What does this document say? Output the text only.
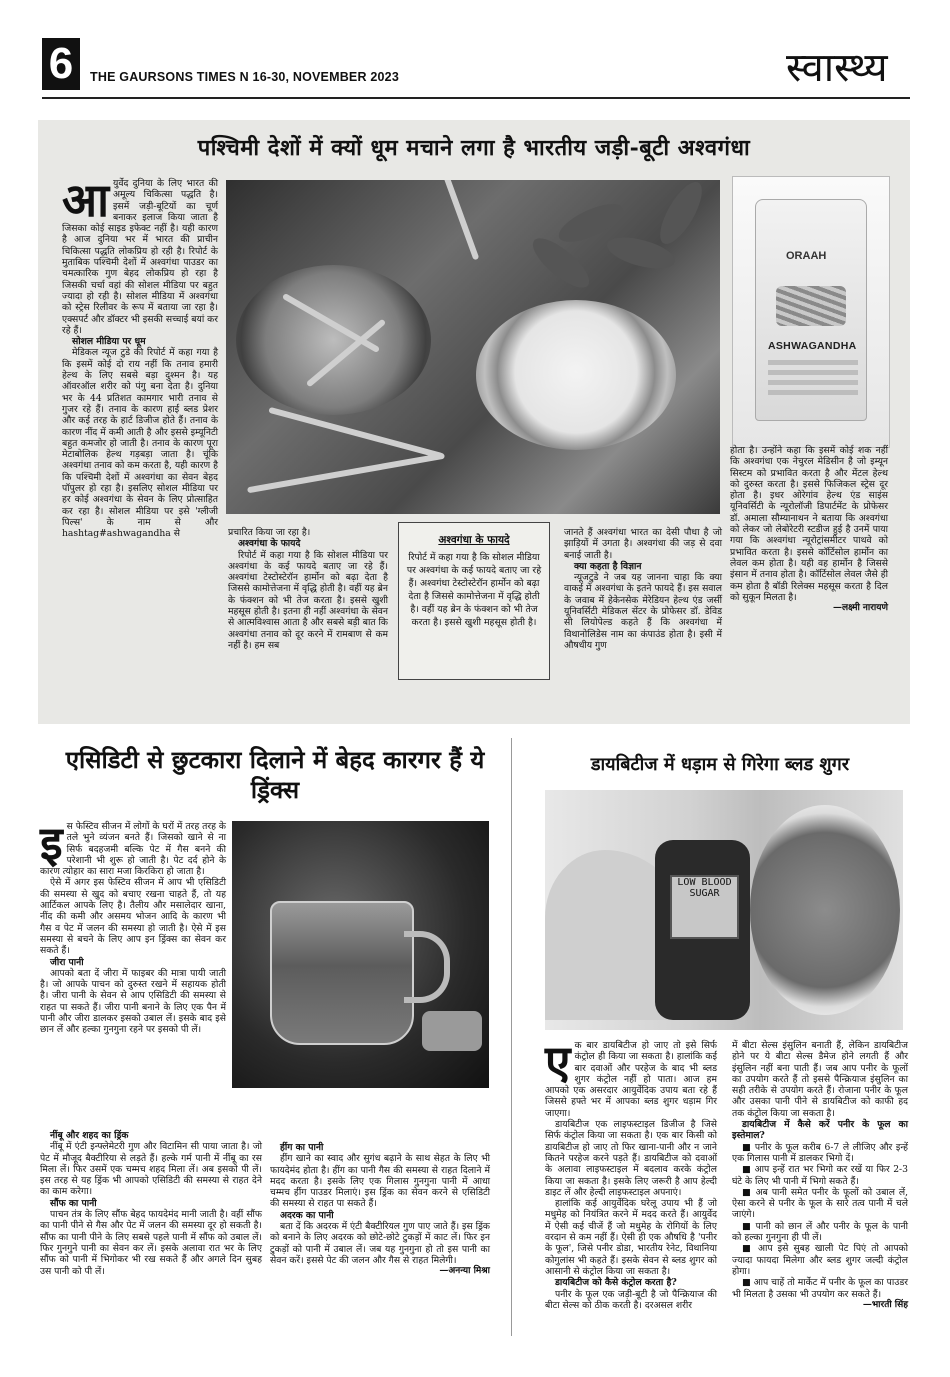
6	THE GAURSONS TIMES N 16-30, NOVEMBER 2023	स्वास्थ्य
पश्चिमी देशों में क्यों धूम मचाने लगा है भारतीय जड़ी-बूटी अश्वगंधा

आयुर्वेद दुनिया के लिए भारत की अमूल्य चिकित्सा पद्धति है। इसमें जड़ी-बूटियों का चूर्ण बनाकर इलाज किया जाता है जिसका कोई साइड इफेक्ट नहीं है। यही कारण है आज दुनिया भर में भारत की प्राचीन चिकित्सा पद्धति लोकप्रिय हो रही है। रिपोर्ट के मुताबिक पश्चिमी देशों में अश्वगंधा पाउडर का चमत्कारिक गुण बेहद लोकप्रिय हो रहा है जिसकी चर्चा वहां की सोशल मीडिया पर बहुत ज्यादा हो रही है। सोशल मीडिया में अश्वगंधा को स्ट्रेस रिलीवर के रूप में बताया जा रहा है। एक्सपर्ट और डॉक्टर भी इसकी सच्चाई बयां कर रहे हैं।

सोशल मीडिया पर धूम

मेडिकल न्यूज टुडे की रिपोर्ट में कहा गया है कि इसमें कोई दो राय नहीं कि तनाव हमारी हेल्थ के लिए सबसे बड़ा दुश्मन है। यह ऑवरऑल शरीर को पंगु बना देता है। दुनिया भर के 44 प्रतिशत कामगार भारी तनाव से गुजर रहे हैं। तनाव के कारण हाई ब्लड प्रेशर और कई तरह के हार्ट डिजीज होते हैं। तनाव के कारण नींद में कमी आती है और इससे इम्यूनिटी बहुत कमजोर हो जाती है। तनाव के कारण पूरा मेटाबोलिक हेल्थ गड़बड़ा जाता है। चूंकि अश्वगंधा तनाव को कम करता है, यही कारण है कि पश्चिमी देशों में अश्वगंधा का सेवन बेहद पॉपुलर हो रहा है। इसलिए सोशल मीडिया पर हर कोई अश्वगंधा के सेवन के लिए प्रोत्साहित कर रहा है। सोशल मीडिया पर इसे 'ग्लीजी पिल्स' के नाम से और hashtag#ashwagandha से

ORAAH
ASHWAGANDHA

प्रचारित किया जा रहा है।

अश्वगंधा के फायदे

रिपोर्ट में कहा गया है कि सोशल मीडिया पर अश्वगंधा के कई फायदे बताए जा रहे हैं। अश्वगंधा टेस्टोस्टेरॉन हार्मोन को बढ़ा देता है जिससे कामोत्तेजना में वृद्धि होती है। वहीं यह ब्रेन के फंक्शन को भी तेज करता है। इससे खुशी महसूस होती है। इतना ही नहीं अश्वगंधा के सेवन से आत्मविश्वास आता है और सबसे बड़ी बात कि अश्वगंधा तनाव को दूर करने में रामबाण से कम नहीं है। हम सब

अश्वगंधा के फायदे
रिपोर्ट में कहा गया है कि सोशल मीडिया पर अश्वगंधा के कई फायदे बताए जा रहे हैं। अश्वगंधा टेस्टोस्टेरॉन हार्मोन को बढ़ा देता है जिससे कामोत्तेजना में वृद्धि होती है। वहीं यह ब्रेन के फंक्शन को भी तेज करता है। इससे खुशी महसूस होती है।

जानते हैं अश्वगंधा भारत का देसी पौधा है जो झाड़ियों में उगता है। अश्वगंधा की जड़ से दवा बनाई जाती है।

क्या कहता है विज्ञान

न्यूजटुडे ने जब यह जानना चाहा कि क्या वाकई में अश्वगंधा के इतने फायदे हैं। इस सवाल के जवाब में हेकेनसेक मेरेडियन हेल्थ एंड जर्सी यूनिवर्सिटी मेडिकल सेंटर के प्रोफेसर डॉ. डेविड सी लियोपेल्ड कहते हैं कि अश्वगंधा में विथानोलिडेस नाम का कंपाउंड होता है। इसी में औषधीय गुण

होता है। उन्होंने कहा कि इसमें कोई शक नहीं कि अश्वगंधा एक नेचुरल मेडिसीन है जो इम्यून सिस्टम को प्रभावित करता है और मेंटल हेल्थ को दुरुस्त करता है। इससे फिजिकल स्ट्रेस दूर होता है। इधर ओरेगांव हेल्थ एंड साइंस यूनिवर्सिटी के न्यूरोलॉजी डिपार्टमेंट के प्रोफेसर डॉ. अमाला सौम्यानाथन ने बताया कि अश्वगंधा को लेकर जो लेबोरेटरी स्टडीज हुई है उनमें पाया गया कि अश्वगंधा न्यूरोट्रांसमीटर पाथवे को प्रभावित करता है। इससे कॉर्टिसोल हार्मोन का लेवल कम होता है। यही वह हार्मोन है जिससे इंसान में तनाव होता है। कॉर्टिसोल लेवल जैसे ही कम होता है बॉडी रिलेक्स महसूस करता है दिल को सुकून मिलता है।

—लक्ष्मी नारायणे

एसिडिटी से छुटकारा दिलाने में बेहद कारगर हैं ये ड्रिंक्स

इस फेस्टिव सीजन में लोगों के घरों में तरह तरह के तले भुने व्यंजन बनते हैं। जिसको खाने से ना सिर्फ बदहजमी बल्कि पेट में गैस बनने की परेशानी भी शुरू हो जाती है। पेट दर्द होने के कारण त्योहार का सारा मजा किरकिरा हो जाता है।

ऐसे में अगर इस फेस्टिव सीजन में आप भी एसिडिटी की समस्या से खुद को बचाए रखना चाहते हैं, तो यह आर्टिकल आपके लिए है। तैलीय और मसालेदार खाना, नींद की कमी और असमय भोजन आदि के कारण भी गैस व पेट में जलन की समस्या हो जाती है। ऐसे में इस समस्या से बचने के लिए आप इन ड्रिंक्स का सेवन कर सकते हैं।

जीरा पानी

आपको बता दें जीरा में फाइबर की मात्रा पायी जाती है। जो आपके पाचन को दुरुस्त रखने में सहायक होती है। जीरा पानी के सेवन से आप एसिडिटी की समस्या से राहत पा सकते हैं। जीरा पानी बनाने के लिए एक पैन में पानी और जीरा डालकर इसको उबाल लें। इसके बाद इसे छान लें और हल्का गुनगुना रहने पर इसको पी लें।

नींबू और शहद का ड्रिंक

नींबू में एंटी इन्फ्लेमेटरी गुण और विटामिन सी पाया जाता है। जो पेट में मौजूद बैक्टीरिया से लड़ते हैं। हल्के गर्म पानी में नींबू का रस मिला लें। फिर उसमें एक चम्मच शहद मिला लें। अब इसको पी लें। इस तरह से यह ड्रिंक भी आपको एसिडिटी की समस्या से राहत देने का काम करेगा।

सौंफ का पानी

पाचन तंत्र के लिए सौंफ बेहद फायदेमंद मानी जाती है। वहीं सौंफ का पानी पीने से गैस और पेट में जलन की समस्या दूर हो सकती है। सौंफ का पानी पीने के लिए सबसे पहले पानी में सौंफ को उबाल लें। फिर गुनगुने पानी का सेवन कर लें। इसके अलावा रात भर के लिए सौंफ को पानी में भिगोकर भी रख सकते हैं और अगले दिन सुबह उस पानी को पी लें।

हींग का पानी

हींग खाने का स्वाद और सुगंध बढ़ाने के साथ सेहत के लिए भी फायदेमंद होता है। हींग का पानी गैस की समस्या से राहत दिलाने में मदद करता है। इसके लिए एक गिलास गुनगुना पानी में आधा चम्मच हींग पाउडर मिलाएं। इस ड्रिंक का सेवन करने से एसिडिटी की समस्या से राहत पा सकते हैं।

अदरक का पानी

बता दें कि अदरक में एंटी बैक्टीरियल गुण पाए जाते हैं। इस ड्रिंक को बनाने के लिए अदरक को छोटे-छोटे टुकड़ों में काट लें। फिर इन टुकड़ों को पानी में उबाल लें। जब यह गुनगुना हो तो इस पानी का सेवन करें। इससे पेट की जलन और गैस से राहत मिलेगी।

—अनन्या मिश्रा

डायबिटीज में धड़ाम से गिरेगा ब्लड शुगर
LOW BLOOD SUGAR

एक बार डायबिटीज हो जाए तो इसे सिर्फ कंट्रोल ही किया जा सकता है। हालांकि कई बार दवाओं और परहेज के बाद भी ब्लड शुगर कंट्रोल नहीं हो पाता। आज हम आपको एक असरदार आयुर्वेदिक उपाय बता रहे हैं जिससे हफ्ते भर में आपका ब्लड शुगर धड़ाम गिर जाएगा।

डायबिटीज एक लाइफस्टाइल डिजीज है जिसे सिर्फ कंट्रोल किया जा सकता है। एक बार किसी को डायबिटीज हो जाए तो फिर खाना-पानी और न जाने कितने परहेज करने पड़ते हैं। डायबिटीज को दवाओं के अलावा लाइफस्टाइल में बदलाव करके कंट्रोल किया जा सकता है। इसके लिए जरूरी है आप हेल्दी डाइट लें और हेल्दी लाइफस्टाइल अपनाएं।

हालांकि कई आयुर्वेदिक घरेलू उपाय भी हैं जो मधुमेह को नियंत्रित करने में मदद करते हैं। आयुर्वेद में ऐसी कई चीजें हैं जो मधुमेह के रोगियों के लिए वरदान से कम नहीं हैं। ऐसी ही एक औषधि है 'पनीर के फूल', जिसे पनीर डोडा, भारतीय रेनेट, विथानिया कोगुलांस भी कहते हैं। इसके सेवन से ब्लड शुगर को आसानी से कंट्रोल किया जा सकता है।

डायबिटीज को कैसे कंट्रोल करता है?

पनीर के फूल एक जड़ी-बूटी है जो पैन्क्रियाज की बीटा सेल्स को ठीक करती है। दरअसल शरीर

में बीटा सेल्स इंसुलिन बनाती हैं, लेकिन डायबिटीज होने पर ये बीटा सेल्स डैमेज होने लगती हैं और इंसुलिन नहीं बना पाती हैं। जब आप पनीर के फूलों का उपयोग करते हैं तो इससे पैन्क्रियाज इंसुलिन का सही तरीके से उपयोग करते हैं। रोजाना पनीर के फूल और उसका पानी पीने से डायबिटीज को काफी हद तक कंट्रोल किया जा सकता है।

डायबिटीज में कैसे करें पनीर के फूल का इस्तेमाल?

■ पनीर के फूल करीब 6-7 ले लीजिए और इन्हें एक गिलास पानी में डालकर भिगो दें।

■ आप इन्हें रात भर भिगो कर रखें या फिर 2-3 घंटे के लिए भी पानी में भिगो सकते हैं।

■ अब पानी समेत पनीर के फूलों को उबाल लें, ऐसा करने से पनीर के फूल के सारे तत्व पानी में चले जाएंगे।

■ पानी को छान लें और पनीर के फूल के पानी को हल्का गुनगुना ही पी लें।

■ आप इसे सुबह खाली पेट पिएं तो आपको ज्यादा फायदा मिलेगा और ब्लड शुगर जल्दी कंट्रोल होगा।

■ आप चाहें तो मार्केट में पनीर के फूल का पाउडर भी मिलता है उसका भी उपयोग कर सकते हैं।

—भारती सिंह
